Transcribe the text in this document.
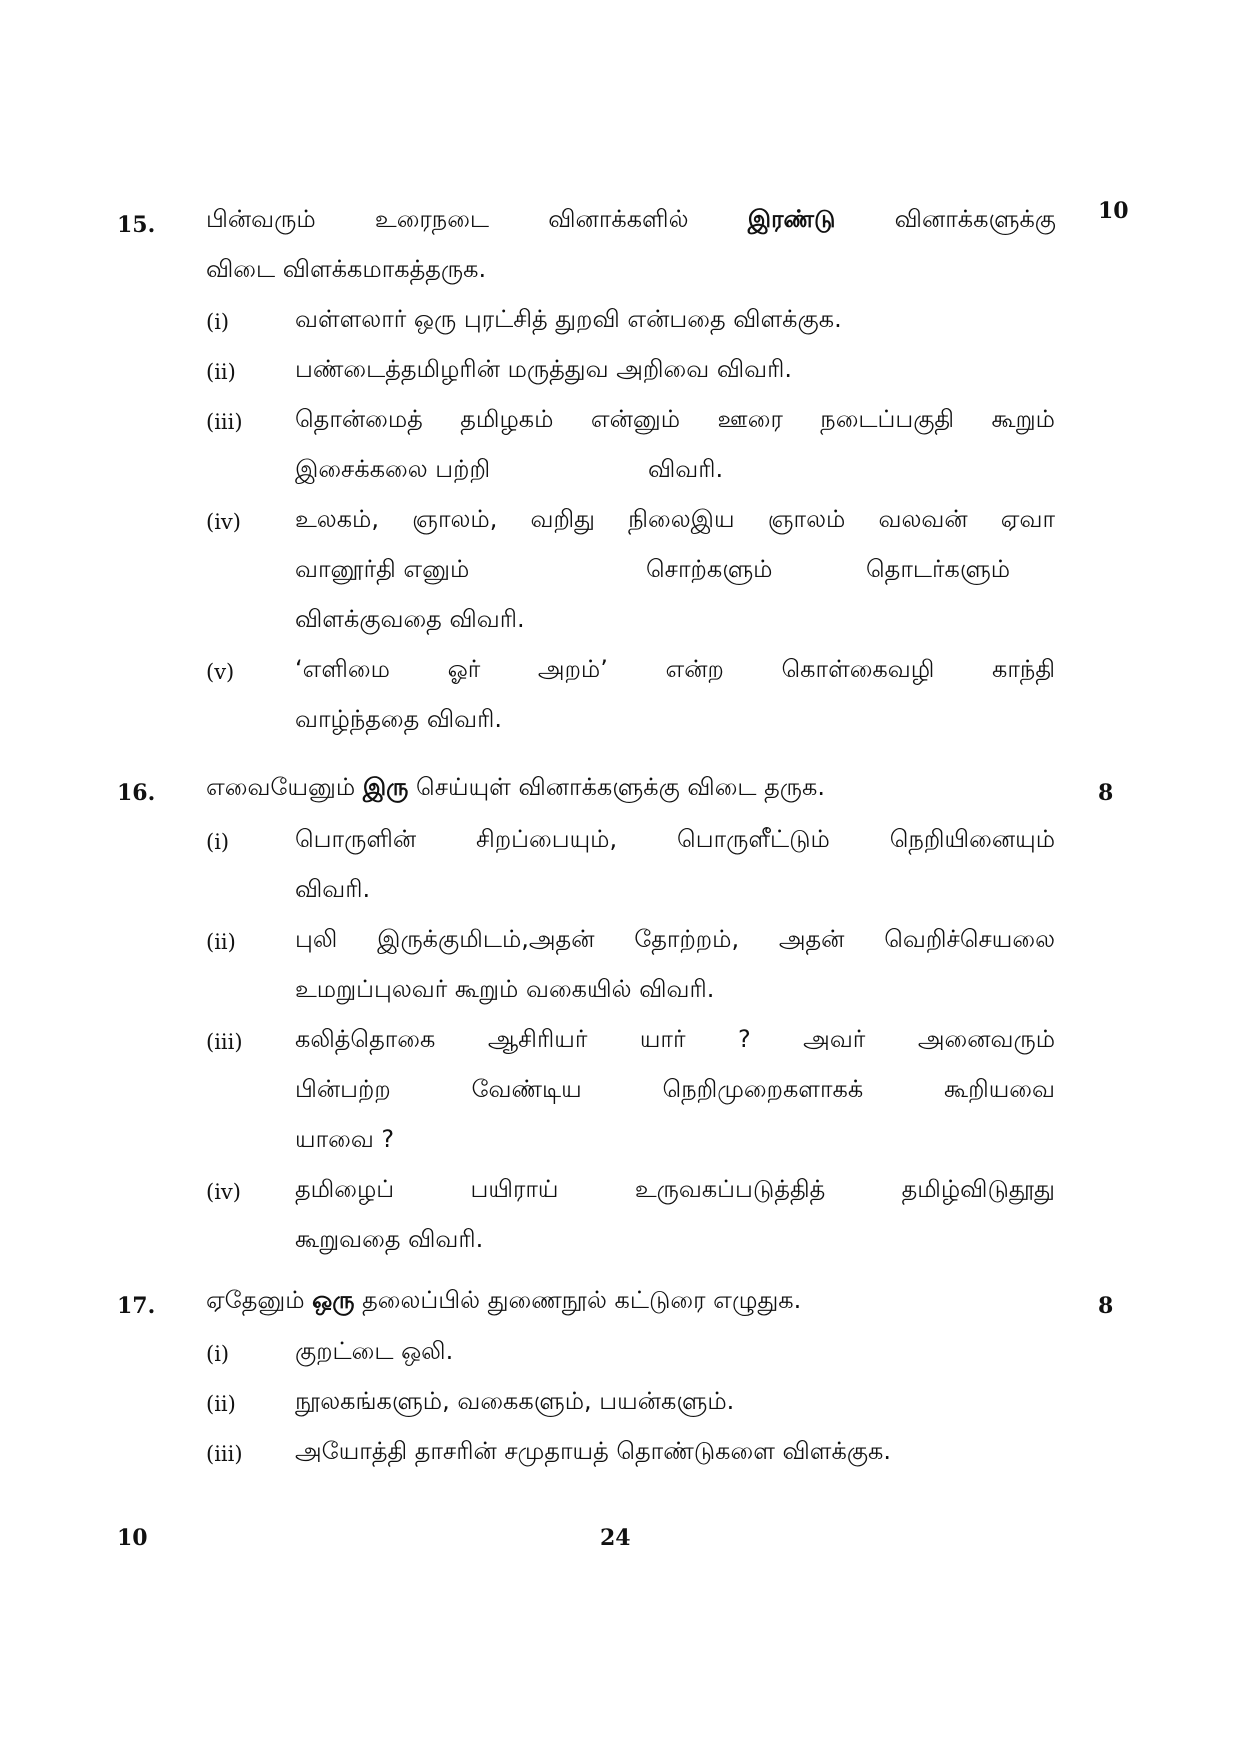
15.
10
பின்வரும் உரைநடை வினாக்களில் இரண்டு வினாக்களுக்கு
விடை விளக்கமாகத்தருக.
(i)	வள்ளலார் ஒரு புரட்சித் துறவி என்பதை விளக்குக.
(ii) பண்டைத்தமிழரின் மருத்துவ அறிவை விவரி.
(iii) தொன்மைத் தமிழகம் என்னும் ஊரை நடைப்பகுதி கூறும்
இசைக்கலை பற்றி	விவரி.
(iv) உலகம், ஞாலம், வறிது நிலைஇய ஞாலம் வலவன் ஏவா
வானூர்தி எனும்	சொற்களும்	தொடர்களும்
விளக்குவதை விவரி.
(v)	‘எளிமை ஓர் அறம்’ என்ற கொள்கைவழி காந்தி
வாழ்ந்ததை விவரி.
16.	8
எவையேனும் இரு செய்யுள் வினாக்களுக்கு விடை தருக.
(i)	பொருளின் சிறப்பையும், பொருளீட்டும் நெறியினையும்
விவரி.
(ii) புலி இருக்குமிடம்,அதன் தோற்றம், அதன் வெறிச்செயலை
உமறுப்புலவர் கூறும் வகையில் விவரி.
(iii) கலித்தொகை ஆசிரியர் யார் ? அவர் அனைவரும்
பின்பற்ற வேண்டிய நெறிமுறைகளாகக் கூறியவை
யாவை ?
(iv) தமிழைப் பயிராய் உருவகப்படுத்தித் தமிழ்விடுதூது
கூறுவதை விவரி.
17.	8
ஏதேனும் ஒரு தலைப்பில் துணைநூல் கட்டுரை எழுதுக.
(i)	குறட்டை ஒலி.
(ii) நூலகங்களும், வகைகளும், பயன்களும்.
(iii) அயோத்தி தாசரின் சமுதாயத் தொண்டுகளை விளக்குக.
10	24
